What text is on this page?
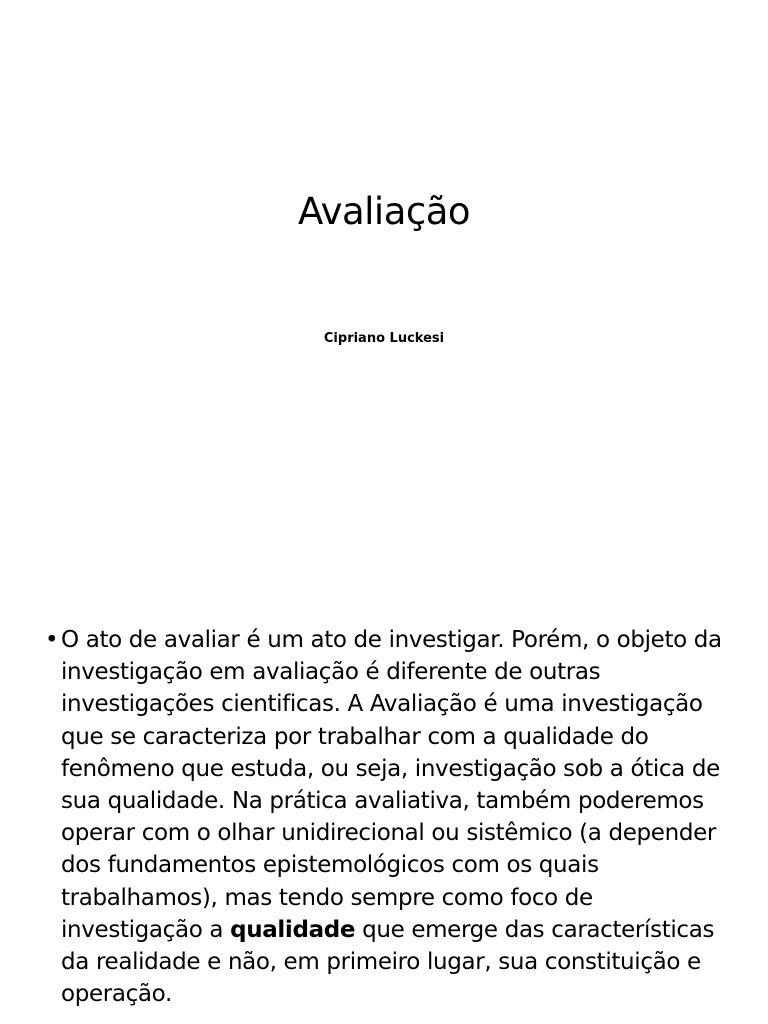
Avaliação
Cipriano Luckesi
• O ato de avaliar é um ato de investigar. Porém, o objeto da investigação em avaliação é diferente de outras investigações cientificas. A Avaliação é uma investigação que se caracteriza por trabalhar com a qualidade do fenômeno que estuda, ou seja, investigação sob a ótica de sua qualidade. Na prática avaliativa, também poderemos operar com o olhar unidirecional ou sistêmico (a depender dos fundamentos epistemológicos com os quais trabalhamos), mas tendo sempre como foco de investigação a qualidade que emerge das características da realidade e não, em primeiro lugar, sua constituição e operação.
